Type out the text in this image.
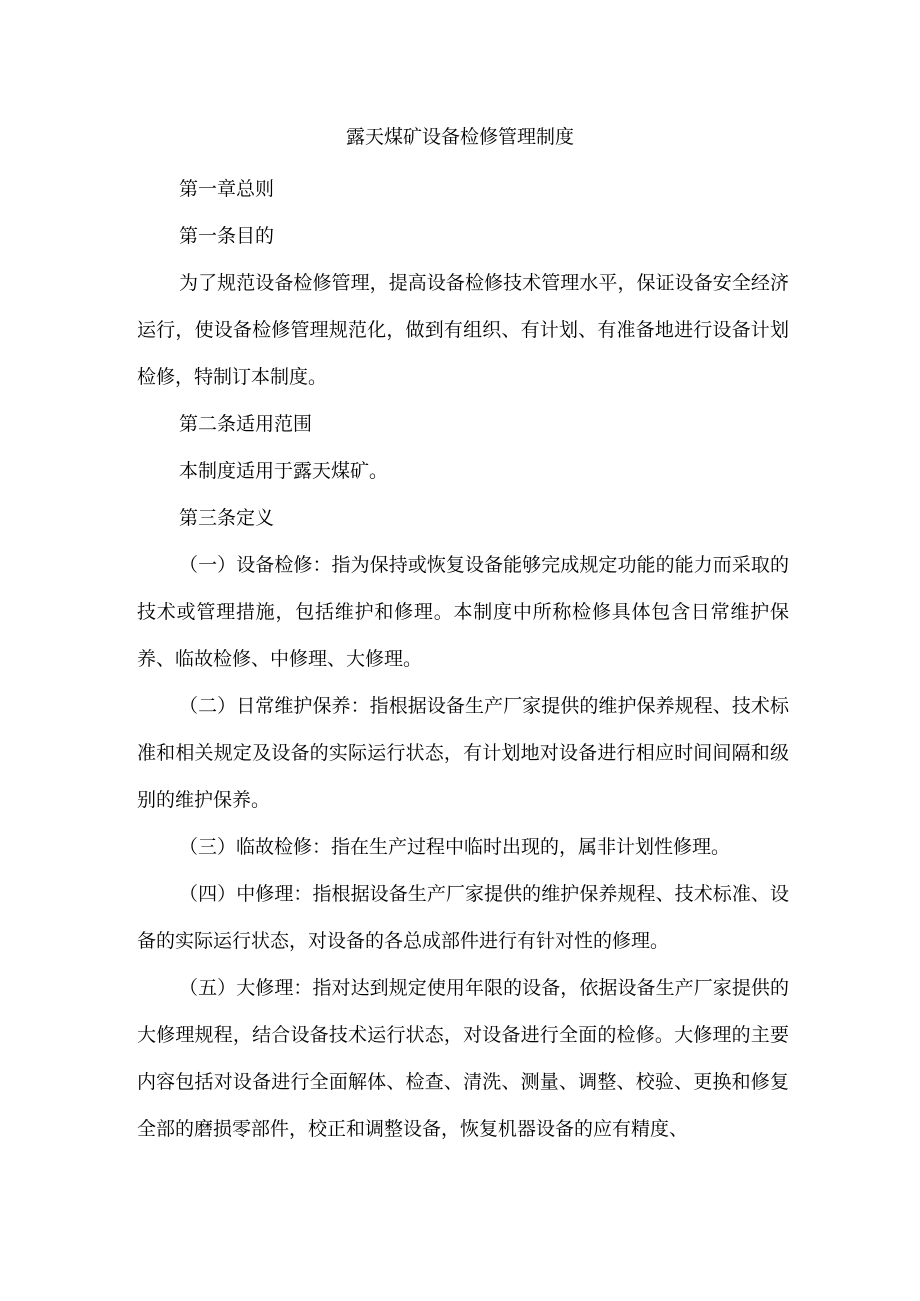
露天煤矿设备检修管理制度

第一章总则

第一条目的

为了规范设备检修管理，提高设备检修技术管理水平，保证设备安全经济运行，使设备检修管理规范化，做到有组织、有计划、有准备地进行设备计划检修，特制订本制度。

第二条适用范围

本制度适用于露天煤矿。

第三条定义

（一）设备检修：指为保持或恢复设备能够完成规定功能的能力而采取的技术或管理措施，包括维护和修理。本制度中所称检修具体包含日常维护保养、临故检修、中修理、大修理。

（二）日常维护保养：指根据设备生产厂家提供的维护保养规程、技术标准和相关规定及设备的实际运行状态，有计划地对设备进行相应时间间隔和级别的维护保养。

（三）临故检修：指在生产过程中临时出现的，属非计划性修理。

（四）中修理：指根据设备生产厂家提供的维护保养规程、技术标准、设备的实际运行状态，对设备的各总成部件进行有针对性的修理。

（五）大修理：指对达到规定使用年限的设备，依据设备生产厂家提供的大修理规程，结合设备技术运行状态，对设备进行全面的检修。大修理的主要内容包括对设备进行全面解体、检查、清洗、测量、调整、校验、更换和修复全部的磨损零部件，校正和调整设备，恢复机器设备的应有精度、
